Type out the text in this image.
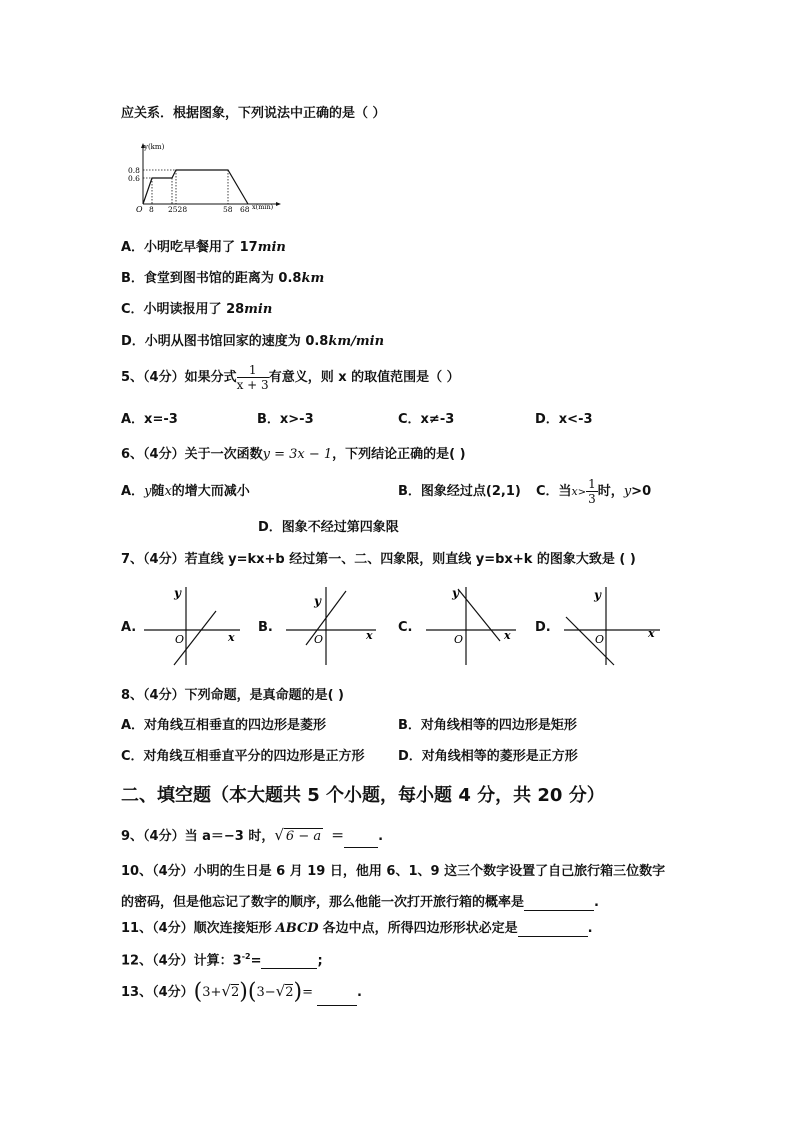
应关系．根据图象，下列说法中正确的是（ ）
y(km)
0.8
0.6
O 8 2528	58 68 x(min)
A．小明吃早餐用了 17min
B．食堂到图书馆的距离为 0.8km
C．小明读报用了 28min
D．小明从图书馆回家的速度为 0.8km/min
5、（4分）如果分式 $\frac{1}{x + 3}$ 有意义，则 x 的取值范围是（ ）
A．x=-3	B．x>-3	C．x≠-3	D．x<-3
6、（4分）关于一次函数y = 3x − 1，下列结论正确的是( )
A．y随x的增大而减小	B．图象经过点(2,1) C．当$x> \frac{1}{3}$ 时，y>0
D．图象不经过第四象限
7、（4分）若直线 y=kx+b 经过第一、二、四象限，则直线 y=bx+k 的图象大致是 ( )
A.
y
O	x
B.
y
O	x
C.
y
O	x
D.
y
O	x
8、（4分）下列命题，是真命题的是( )
A．对角线互相垂直的四边形是菱形	B．对角线相等的四边形是矩形
C．对角线互相垂直平分的四边形是正方形	D．对角线相等的菱形是正方形
二、填空题（本大题共 5 个小题，每小题 4 分，共 20 分）
9、（4分）当 a＝−3 时，√ 6 − a ＝	.
10、（4分）小明的生日是 6 月 19 日，他用 6、1、9 这三个数字设置了自己旅行箱三位数字
的密码，但是他忘记了数字的顺序，那么他能一次打开旅行箱的概率是	.
11、（4分）顺次连接矩形 ABCD 各边中点，所得四边形形状必定是	.
12、（4分）计算：$3^{-2}=$	;
13、（4分）(3+√2)(3−√2)=	.
